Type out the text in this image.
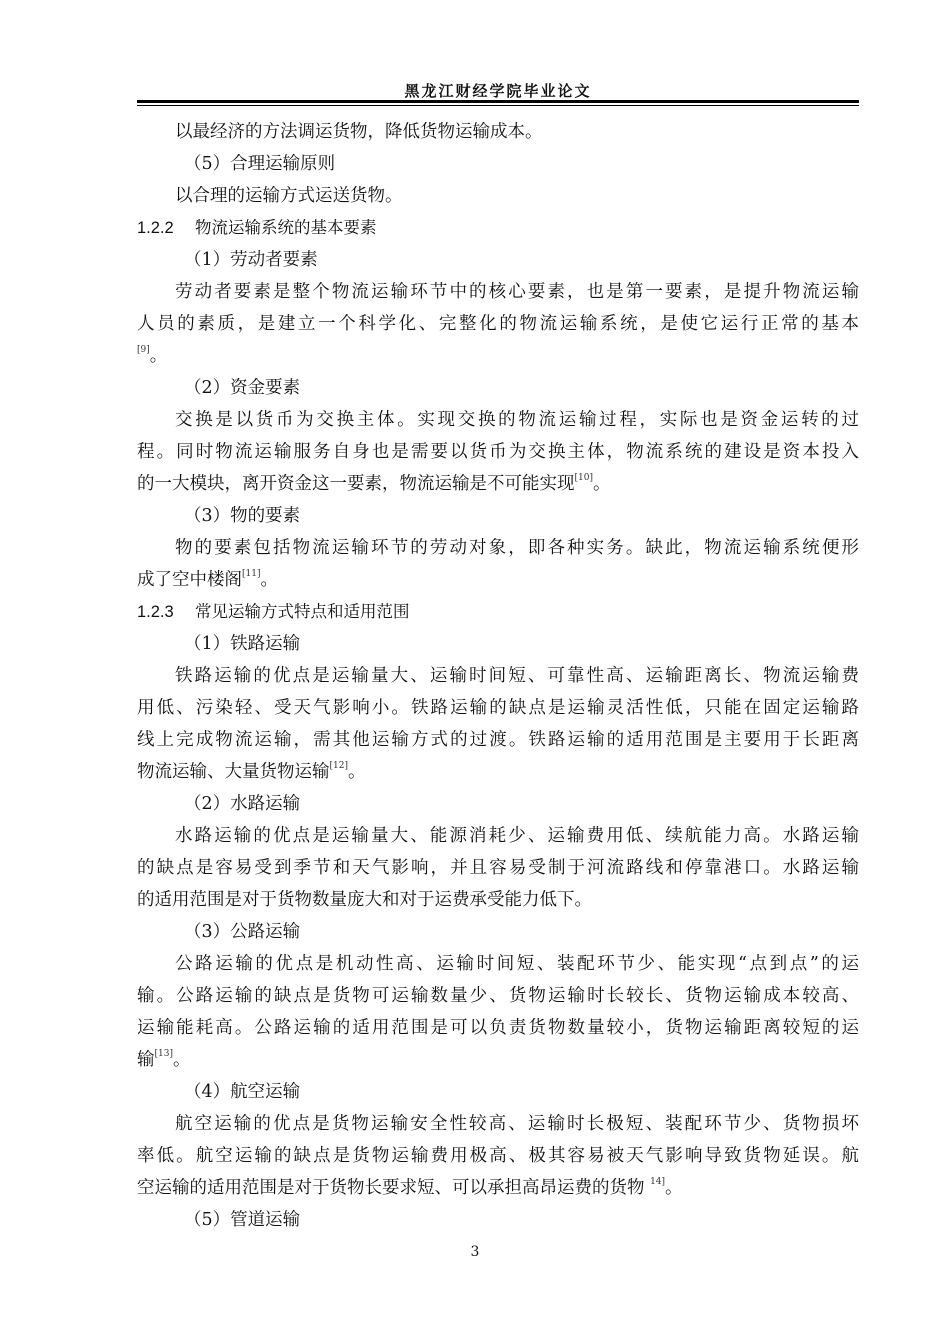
黑龙江财经学院毕业论文
以最经济的方法调运货物，降低货物运输成本。
（5）合理运输原则
以合理的运输方式运送货物。
1.2.2 物流运输系统的基本要素
（1）劳动者要素
劳动者要素是整个物流运输环节中的核心要素，也是第一要素，是提升物流运输
人员的素质，是建立一个科学化、完整化的物流运输系统，是使它运行正常的基本
[9]。
（2）资金要素
交换是以货币为交换主体。实现交换的物流运输过程，实际也是资金运转的过
程。同时物流运输服务自身也是需要以货币为交换主体，物流系统的建设是资本投入
的一大模块，离开资金这一要素，物流运输是不可能实现[10]。
（3）物的要素
物的要素包括物流运输环节的劳动对象，即各种实务。缺此，物流运输系统便形
成了空中楼阁[11]。
1.2.3 常见运输方式特点和适用范围
（1）铁路运输
铁路运输的优点是运输量大、运输时间短、可靠性高、运输距离长、物流运输费
用低、污染轻、受天气影响小。铁路运输的缺点是运输灵活性低，只能在固定运输路
线上完成物流运输，需其他运输方式的过渡。铁路运输的适用范围是主要用于长距离
物流运输、大量货物运输[12]。
（2）水路运输
水路运输的优点是运输量大、能源消耗少、运输费用低、续航能力高。水路运输
的缺点是容易受到季节和天气影响，并且容易受制于河流路线和停靠港口。水路运输
的适用范围是对于货物数量庞大和对于运费承受能力低下。
（3）公路运输
公路运输的优点是机动性高、运输时间短、装配环节少、能实现“点到点”的运
输。公路运输的缺点是货物可运输数量少、货物运输时长较长、货物运输成本较高、
运输能耗高。公路运输的适用范围是可以负责货物数量较小，货物运输距离较短的运
输[13]。
（4）航空运输
航空运输的优点是货物运输安全性较高、运输时长极短、装配环节少、货物损坏
率低。航空运输的缺点是货物运输费用极高、极其容易被天气影响导致货物延误。航
空运输的适用范围是对于货物长要求短、可以承担高昂运费的货物 $^{14]}$。
（5）管道运输
3
